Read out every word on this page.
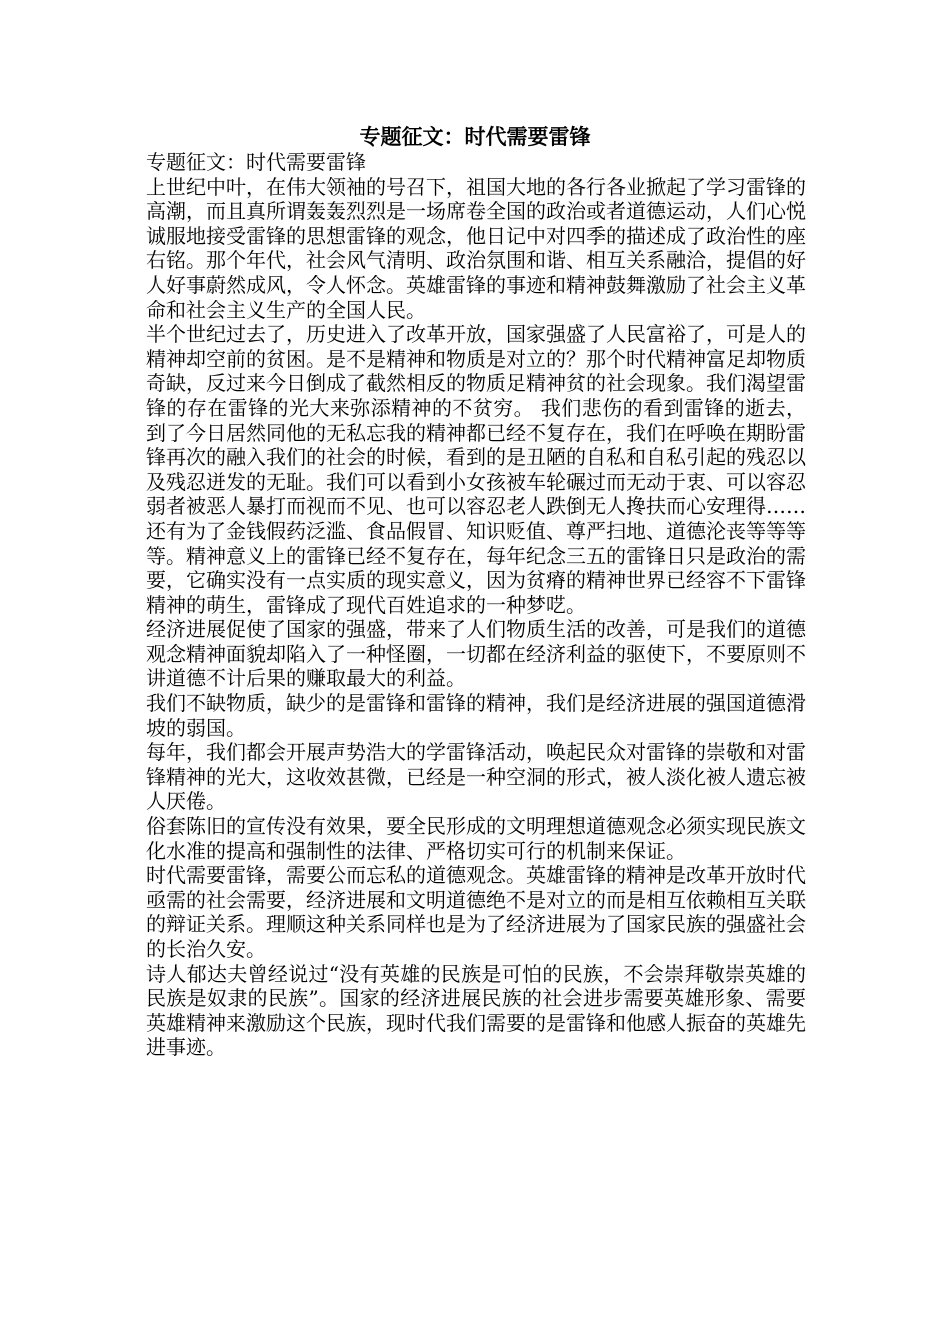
专题征文：时代需要雷锋

专题征文：时代需要雷锋

上世纪中叶，在伟大领袖的号召下，祖国大地的各行各业掀起了学习雷锋的高潮，而且真所谓轰轰烈烈是一场席卷全国的政治或者道德运动，人们心悦诚服地接受雷锋的思想雷锋的观念，他日记中对四季的描述成了政治性的座右铭。那个年代，社会风气清明、政治氛围和谐、相互关系融洽，提倡的好人好事蔚然成风，令人怀念。英雄雷锋的事迹和精神鼓舞激励了社会主义革命和社会主义生产的全国人民。

半个世纪过去了，历史进入了改革开放，国家强盛了人民富裕了，可是人的精神却空前的贫困。是不是精神和物质是对立的？那个时代精神富足却物质奇缺，反过来今日倒成了截然相反的物质足精神贫的社会现象。我们渴望雷锋的存在雷锋的光大来弥添精神的不贫穷。 我们悲伤的看到雷锋的逝去，到了今日居然同他的无私忘我的精神都已经不复存在，我们在呼唤在期盼雷锋再次的融入我们的社会的时候，看到的是丑陋的自私和自私引起的残忍以及残忍迸发的无耻。我们可以看到小女孩被车轮碾过而无动于衷、可以容忍弱者被恶人暴打而视而不见、也可以容忍老人跌倒无人搀扶而心安理得……还有为了金钱假药泛滥、食品假冒、知识贬值、尊严扫地、道德沦丧等等等等。精神意义上的雷锋已经不复存在，每年纪念三五的雷锋日只是政治的需要，它确实没有一点实质的现实意义，因为贫瘠的精神世界已经容不下雷锋精神的萌生，雷锋成了现代百姓追求的一种梦呓。

经济进展促使了国家的强盛，带来了人们物质生活的改善，可是我们的道德观念精神面貌却陷入了一种怪圈，一切都在经济利益的驱使下，不要原则不讲道德不计后果的赚取最大的利益。

我们不缺物质，缺少的是雷锋和雷锋的精神，我们是经济进展的强国道德滑坡的弱国。

每年，我们都会开展声势浩大的学雷锋活动，唤起民众对雷锋的崇敬和对雷锋精神的光大，这收效甚微，已经是一种空洞的形式，被人淡化被人遗忘被人厌倦。

俗套陈旧的宣传没有效果，要全民形成的文明理想道德观念必须实现民族文化水准的提高和强制性的法律、严格切实可行的机制来保证。

时代需要雷锋，需要公而忘私的道德观念。英雄雷锋的精神是改革开放时代亟需的社会需要，经济进展和文明道德绝不是对立的而是相互依赖相互关联的辩证关系。理顺这种关系同样也是为了经济进展为了国家民族的强盛社会的长治久安。

诗人郁达夫曾经说过“没有英雄的民族是可怕的民族，不会崇拜敬崇英雄的民族是奴隶的民族”。国家的经济进展民族的社会进步需要英雄形象、需要英雄精神来激励这个民族，现时代我们需要的是雷锋和他感人振奋的英雄先进事迹。
